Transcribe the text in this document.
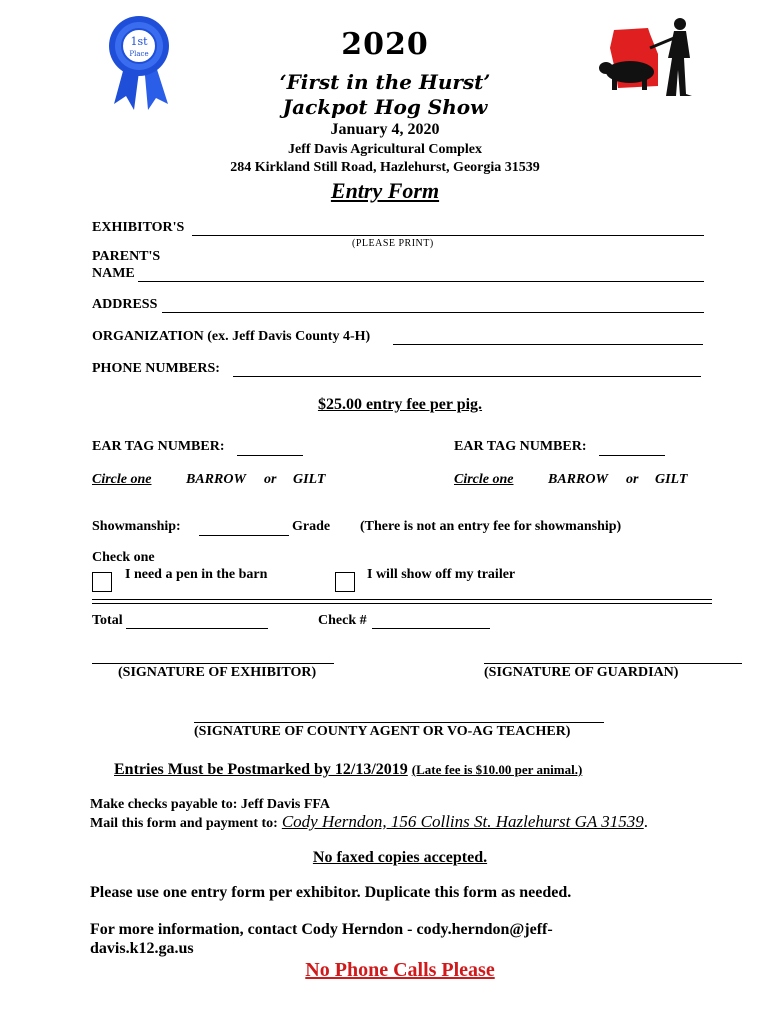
1st
Place	2020
‘First in the Hurst’
Jackpot Hog Show
January 4, 2020
Jeff Davis Agricultural Complex
284 Kirkland Still Road, Hazlehurst, Georgia 31539
Entry Form
EXHIBITOR'S
(PLEASE PRINT)
PARENT'S
NAME
ADDRESS
ORGANIZATION (ex. Jeff Davis County 4-H)
PHONE NUMBERS:
$25.00 entry fee per pig.
EAR TAG NUMBER:
Circle one BARROW or GILT
EAR TAG NUMBER:
Circle one BARROW or GILT
Showmanship:	Grade (There is not an entry fee for showmanship)
Check one
I need a pen in the barn	I will show off my trailer
Total	Check #
(SIGNATURE OF EXHIBITOR)	(SIGNATURE OF GUARDIAN)
(SIGNATURE OF COUNTY AGENT OR VO-AG TEACHER)
Entries Must be Postmarked by 12/13/2019 (Late fee is $10.00 per animal.)
Make checks payable to: Jeff Davis FFA
Mail this form and payment to: Cody Herndon, 156 Collins St. Hazlehurst GA 31539.
No faxed copies accepted.
Please use one entry form per exhibitor. Duplicate this form as needed.
For more information, contact Cody Herndon - cody.herndon@jeff-
davis.k12.ga.us
No Phone Calls Please
